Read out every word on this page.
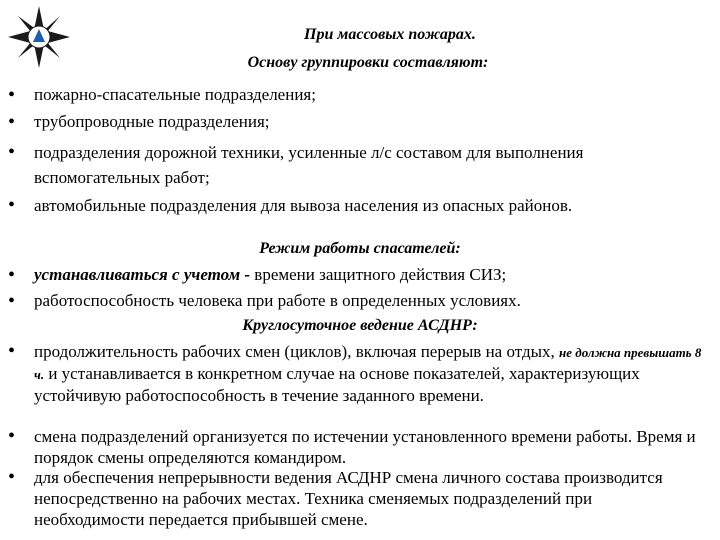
При массовых пожарах.
Основу группировки составляют:
• пожарно-спасательные подразделения;
• трубопроводные подразделения;
• подразделения дорожной техники, усиленные л/с составом для выполнения вспомогательных работ;
• автомобильные подразделения для вывоза населения из опасных районов.
Режим работы спасателей:
• устанавливаться с учетом - времени защитного действия СИЗ;
• работоспособность человека при работе в определенных условиях.
Круглосуточное ведение АСДНР:
• продолжительность рабочих смен (циклов), включая перерыв на отдых, не должна превышать 8 ч. и устанавливается в конкретном случае на основе показателей, характеризующих устойчивую работоспособность в течение заданного времени.
• смена подразделений организуется по истечении установленного времени работы. Время и порядок смены определяются командиром.
• для обеспечения непрерывности ведения АСДНР смена личного состава производится непосредственно на рабочих местах. Техника сменяемых подразделений при необходимости передается прибывшей смене.
